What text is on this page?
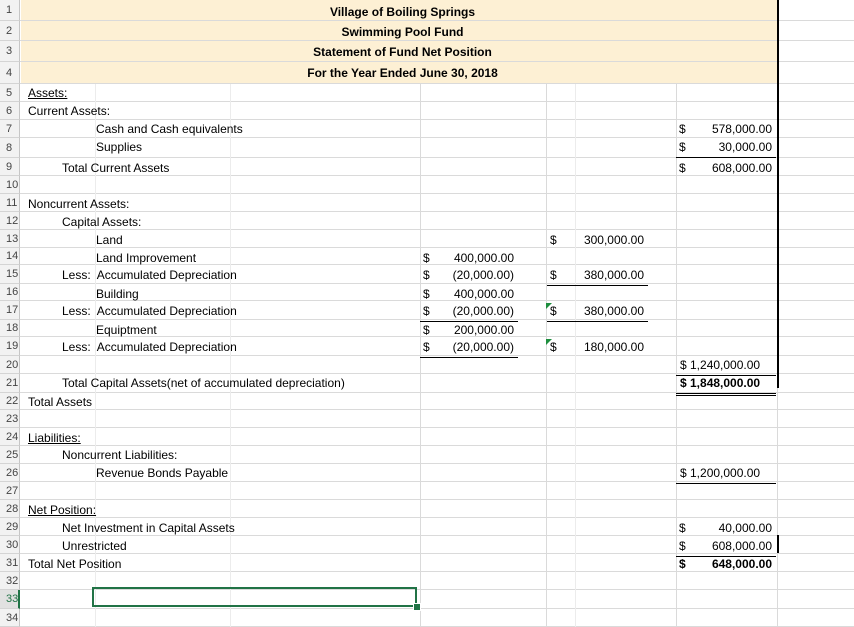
1
2
3
4
5
6
7
8
9
10
11
12
13
14
15
16
17
18
19
20
21
22
23
24
25
26
27
28
29
30
31
32
33
34
Village of Boiling Springs
Swimming Pool Fund
Statement of Fund Net Position
For the Year Ended June 30, 2018
Assets:
Current Assets:
Cash and Cash equivalents
Supplies
Total Current Assets
Noncurrent Assets:
Capital Assets:
Land
Land Improvement
Less:  Accumulated Depreciation
Building
Less:  Accumulated Depreciation
Equiptment
Less:  Accumulated Depreciation
Total Capital Assets(net of accumulated depreciation)
Total Assets
Liabilities:
Noncurrent Liabilities:
Revenue Bonds Payable
Net Position:
Net Investment in Capital Assets
Unrestricted
Total Net Position
$ 400,000.00
$ (20,000.00)
$ 400,000.00
$ (20,000.00)
$ 200,000.00
$ (20,000.00)
$ 300,000.00
$ 380,000.00
$ 380,000.00
$ 180,000.00
$ 578,000.00
$	30,000.00
$ 608,000.00
$ 1,240,000.00
$ 1,848,000.00
$ 1,200,000.00
$	40,000.00
$ 608,000.00
$ 648,000.00
